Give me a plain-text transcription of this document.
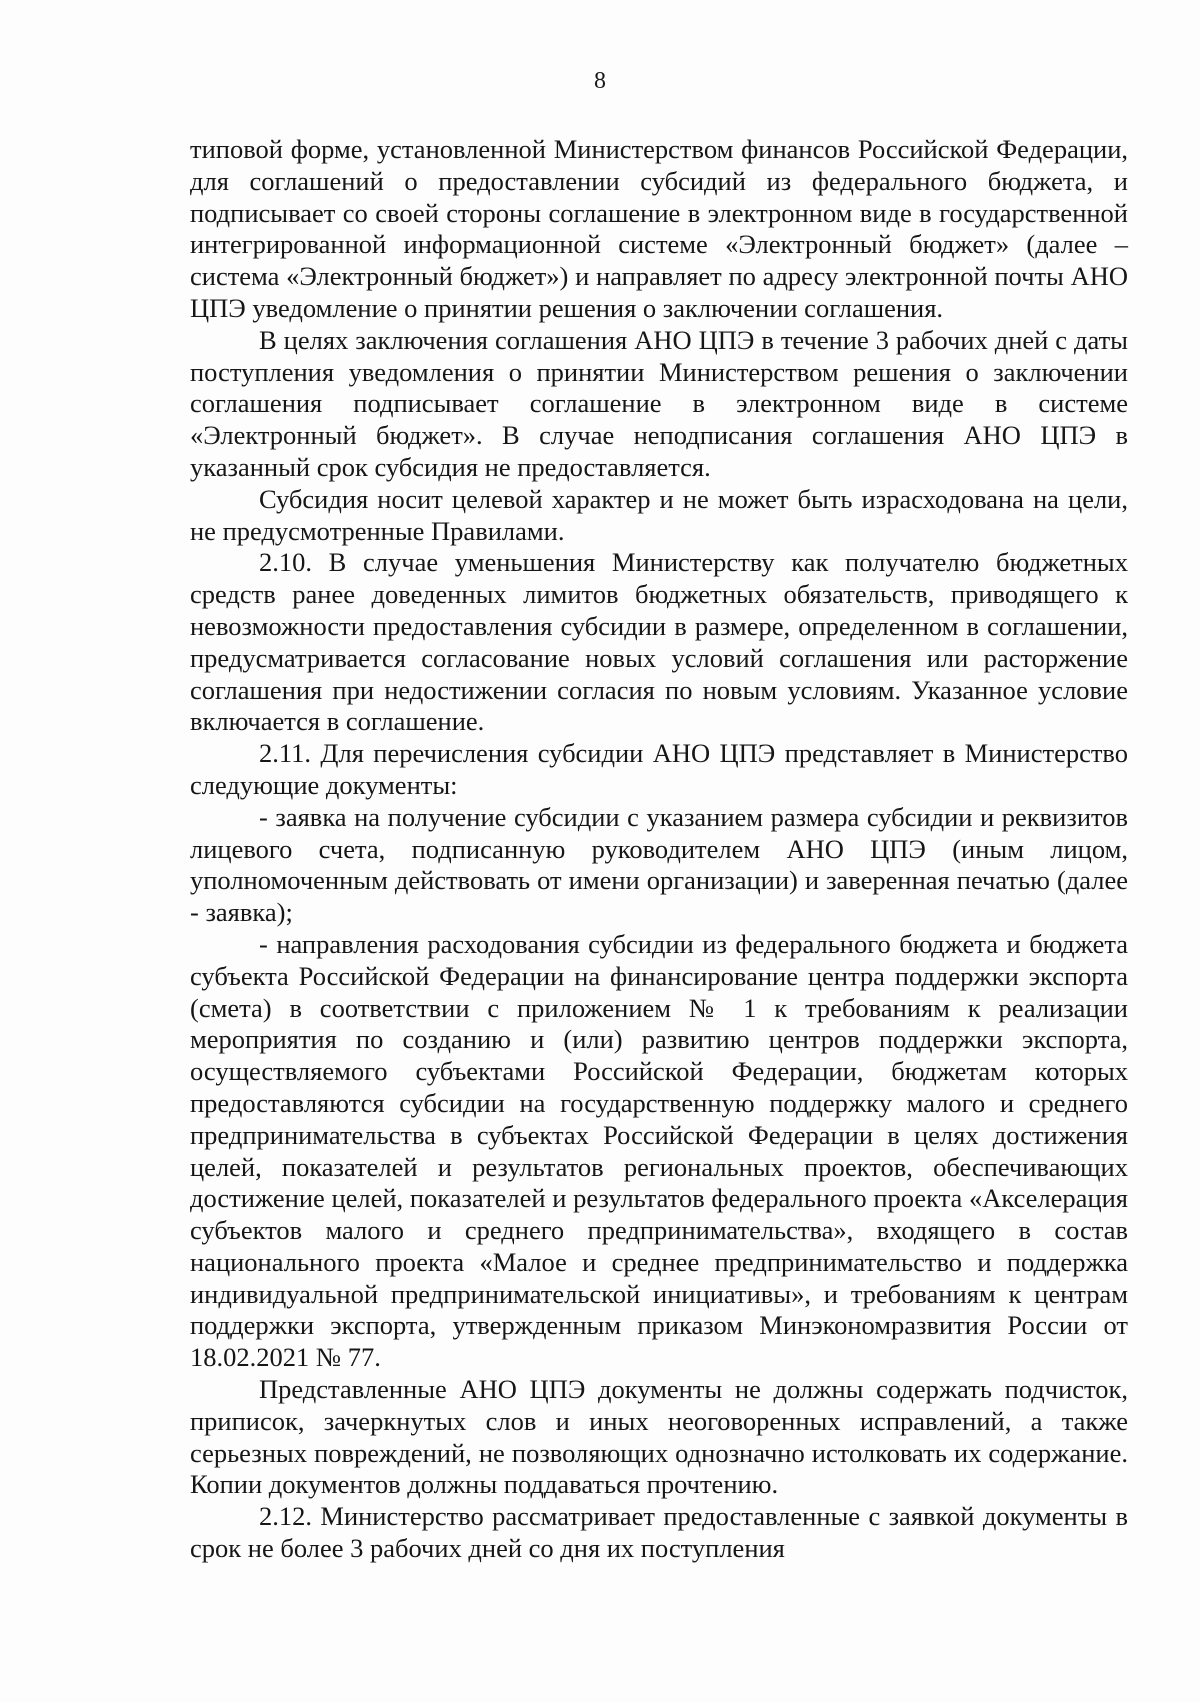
8

типовой форме, установленной Министерством финансов Российской Федерации, для соглашений о предоставлении субсидий из федерального бюджета, и подписывает со своей стороны соглашение в электронном виде в государственной интегрированной информационной системе «Электронный бюджет» (далее – система «Электронный бюджет») и направляет по адресу электронной почты АНО ЦПЭ уведомление о принятии решения о заключении соглашения.

В целях заключения соглашения АНО ЦПЭ в течение 3 рабочих дней с даты поступления уведомления о принятии Министерством решения о заключении соглашения подписывает соглашение в электронном виде в системе «Электронный бюджет». В случае неподписания соглашения АНО ЦПЭ в указанный срок субсидия не предоставляется.

Субсидия носит целевой характер и не может быть израсходована на цели, не предусмотренные Правилами.

2.10. В случае уменьшения Министерству как получателю бюджетных средств ранее доведенных лимитов бюджетных обязательств, приводящего к невозможности предоставления субсидии в размере, определенном в соглашении, предусматривается согласование новых условий соглашения или расторжение соглашения при недостижении согласия по новым условиям. Указанное условие включается в соглашение.

2.11. Для перечисления субсидии АНО ЦПЭ представляет в Министерство следующие документы:

- заявка на получение субсидии с указанием размера субсидии и реквизитов лицевого счета, подписанную руководителем АНО ЦПЭ (иным лицом, уполномоченным действовать от имени организации) и заверенная печатью (далее - заявка);

- направления расходования субсидии из федерального бюджета и бюджета субъекта Российской Федерации на финансирование центра поддержки экспорта (смета) в соответствии с приложением № 1 к требованиям к реализации мероприятия по созданию и (или) развитию центров поддержки экспорта, осуществляемого субъектами Российской Федерации, бюджетам которых предоставляются субсидии на государственную поддержку малого и среднего предпринимательства в субъектах Российской Федерации в целях достижения целей, показателей и результатов региональных проектов, обеспечивающих достижение целей, показателей и результатов федерального проекта «Акселерация субъектов малого и среднего предпринимательства», входящего в состав национального проекта «Малое и среднее предпринимательство и поддержка индивидуальной предпринимательской инициативы», и требованиям к центрам поддержки экспорта, утвержденным приказом Минэкономразвития России от 18.02.2021 № 77.

Представленные АНО ЦПЭ документы не должны содержать подчисток, приписок, зачеркнутых слов и иных неоговоренных исправлений, а также серьезных повреждений, не позволяющих однозначно истолковать их содержание. Копии документов должны поддаваться прочтению.

2.12. Министерство рассматривает предоставленные с заявкой документы в срок не более 3 рабочих дней со дня их поступления
